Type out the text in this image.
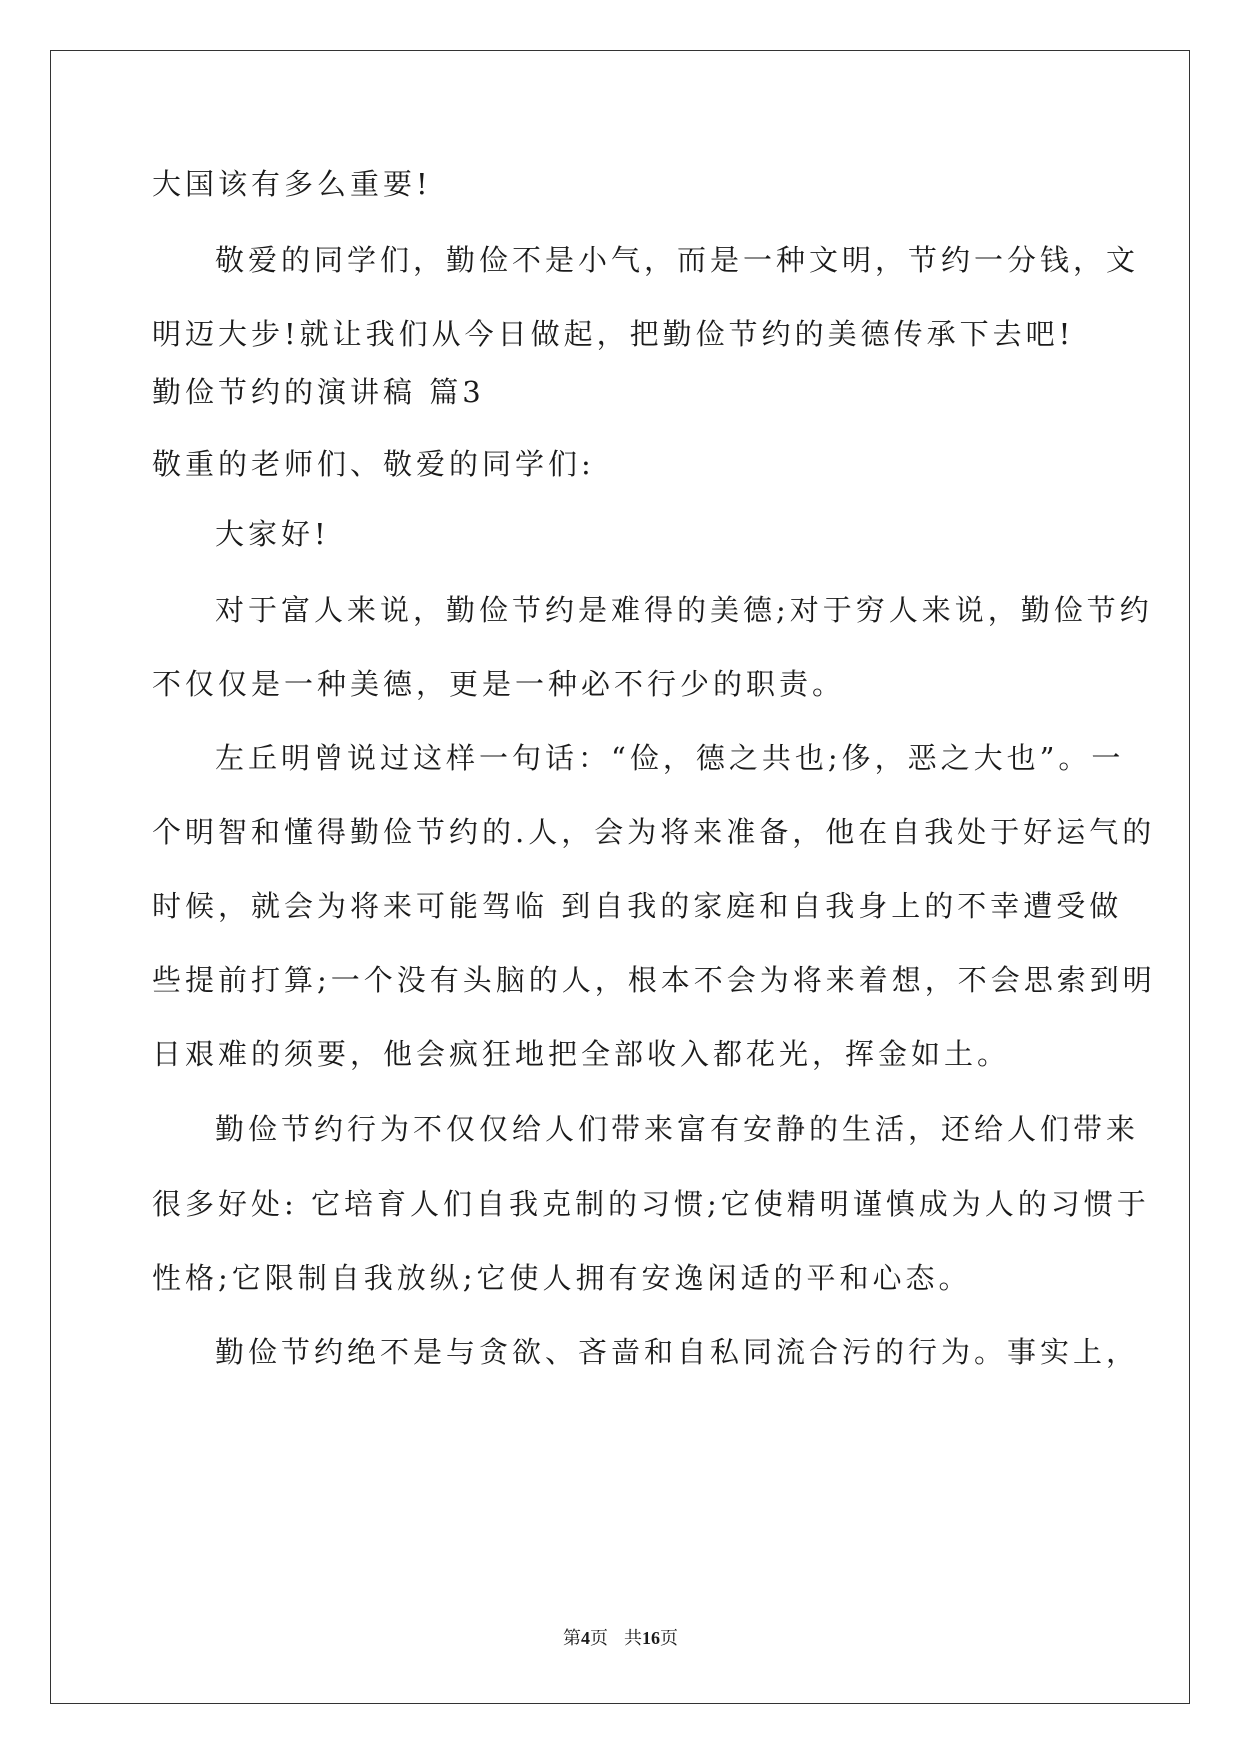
大国该有多么重要!
敬爱的同学们，勤俭不是小气，而是一种文明，节约一分钱，文
明迈大步!就让我们从今日做起，把勤俭节约的美德传承下去吧!
勤俭节约的演讲稿 篇3
敬重的老师们、敬爱的同学们:
大家好!
对于富人来说，勤俭节约是难得的美德;对于穷人来说，勤俭节约
不仅仅是一种美德，更是一种必不行少的职责。
左丘明曾说过这样一句话：“俭，德之共也;侈，恶之大也”。一
个明智和懂得勤俭节约的.人，会为将来准备，他在自我处于好运气的
时候，就会为将来可能驾临 到自我的家庭和自我身上的不幸遭受做
些提前打算;一个没有头脑的人，根本不会为将来着想，不会思索到明
日艰难的须要，他会疯狂地把全部收入都花光，挥金如土。
勤俭节约行为不仅仅给人们带来富有安静的生活，还给人们带来
很多好处: 它培育人们自我克制的习惯;它使精明谨慎成为人的习惯于
性格;它限制自我放纵;它使人拥有安逸闲适的平和心态。
勤俭节约绝不是与贪欲、吝啬和自私同流合污的行为。事实上，
第4页 共16页
